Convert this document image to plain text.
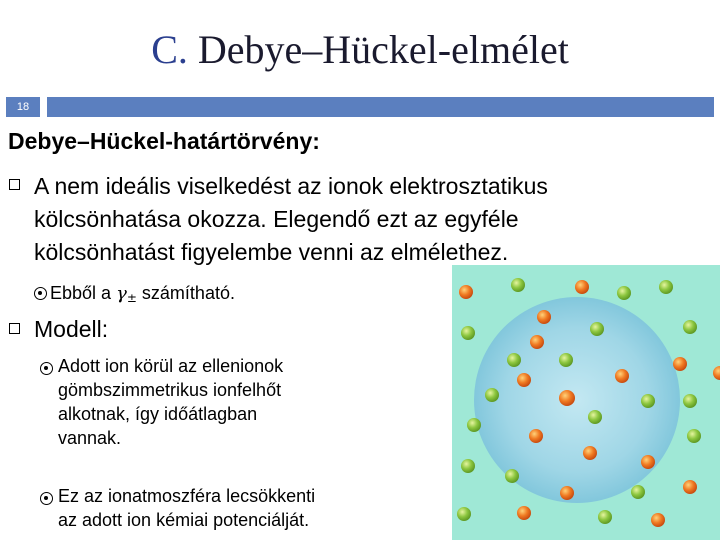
C. Debye–Hückel-elmélet
18
Debye–Hückel-határtörvény:
A nem ideális viselkedést az ionok elektrosztatikus
kölcsönhatása okozza. Elegendő ezt az egyféle
kölcsönhatást figyelembe venni az elmélethez.
Ebből a γ± számítható.
Modell:
Adott ion körül az ellenionok
gömbszimmetrikus ionfelhőt
alkotnak, így időátlagban
vannak.
Ez az ionatmoszféra lecsökkenti
az adott ion kémiai potenciálját.
